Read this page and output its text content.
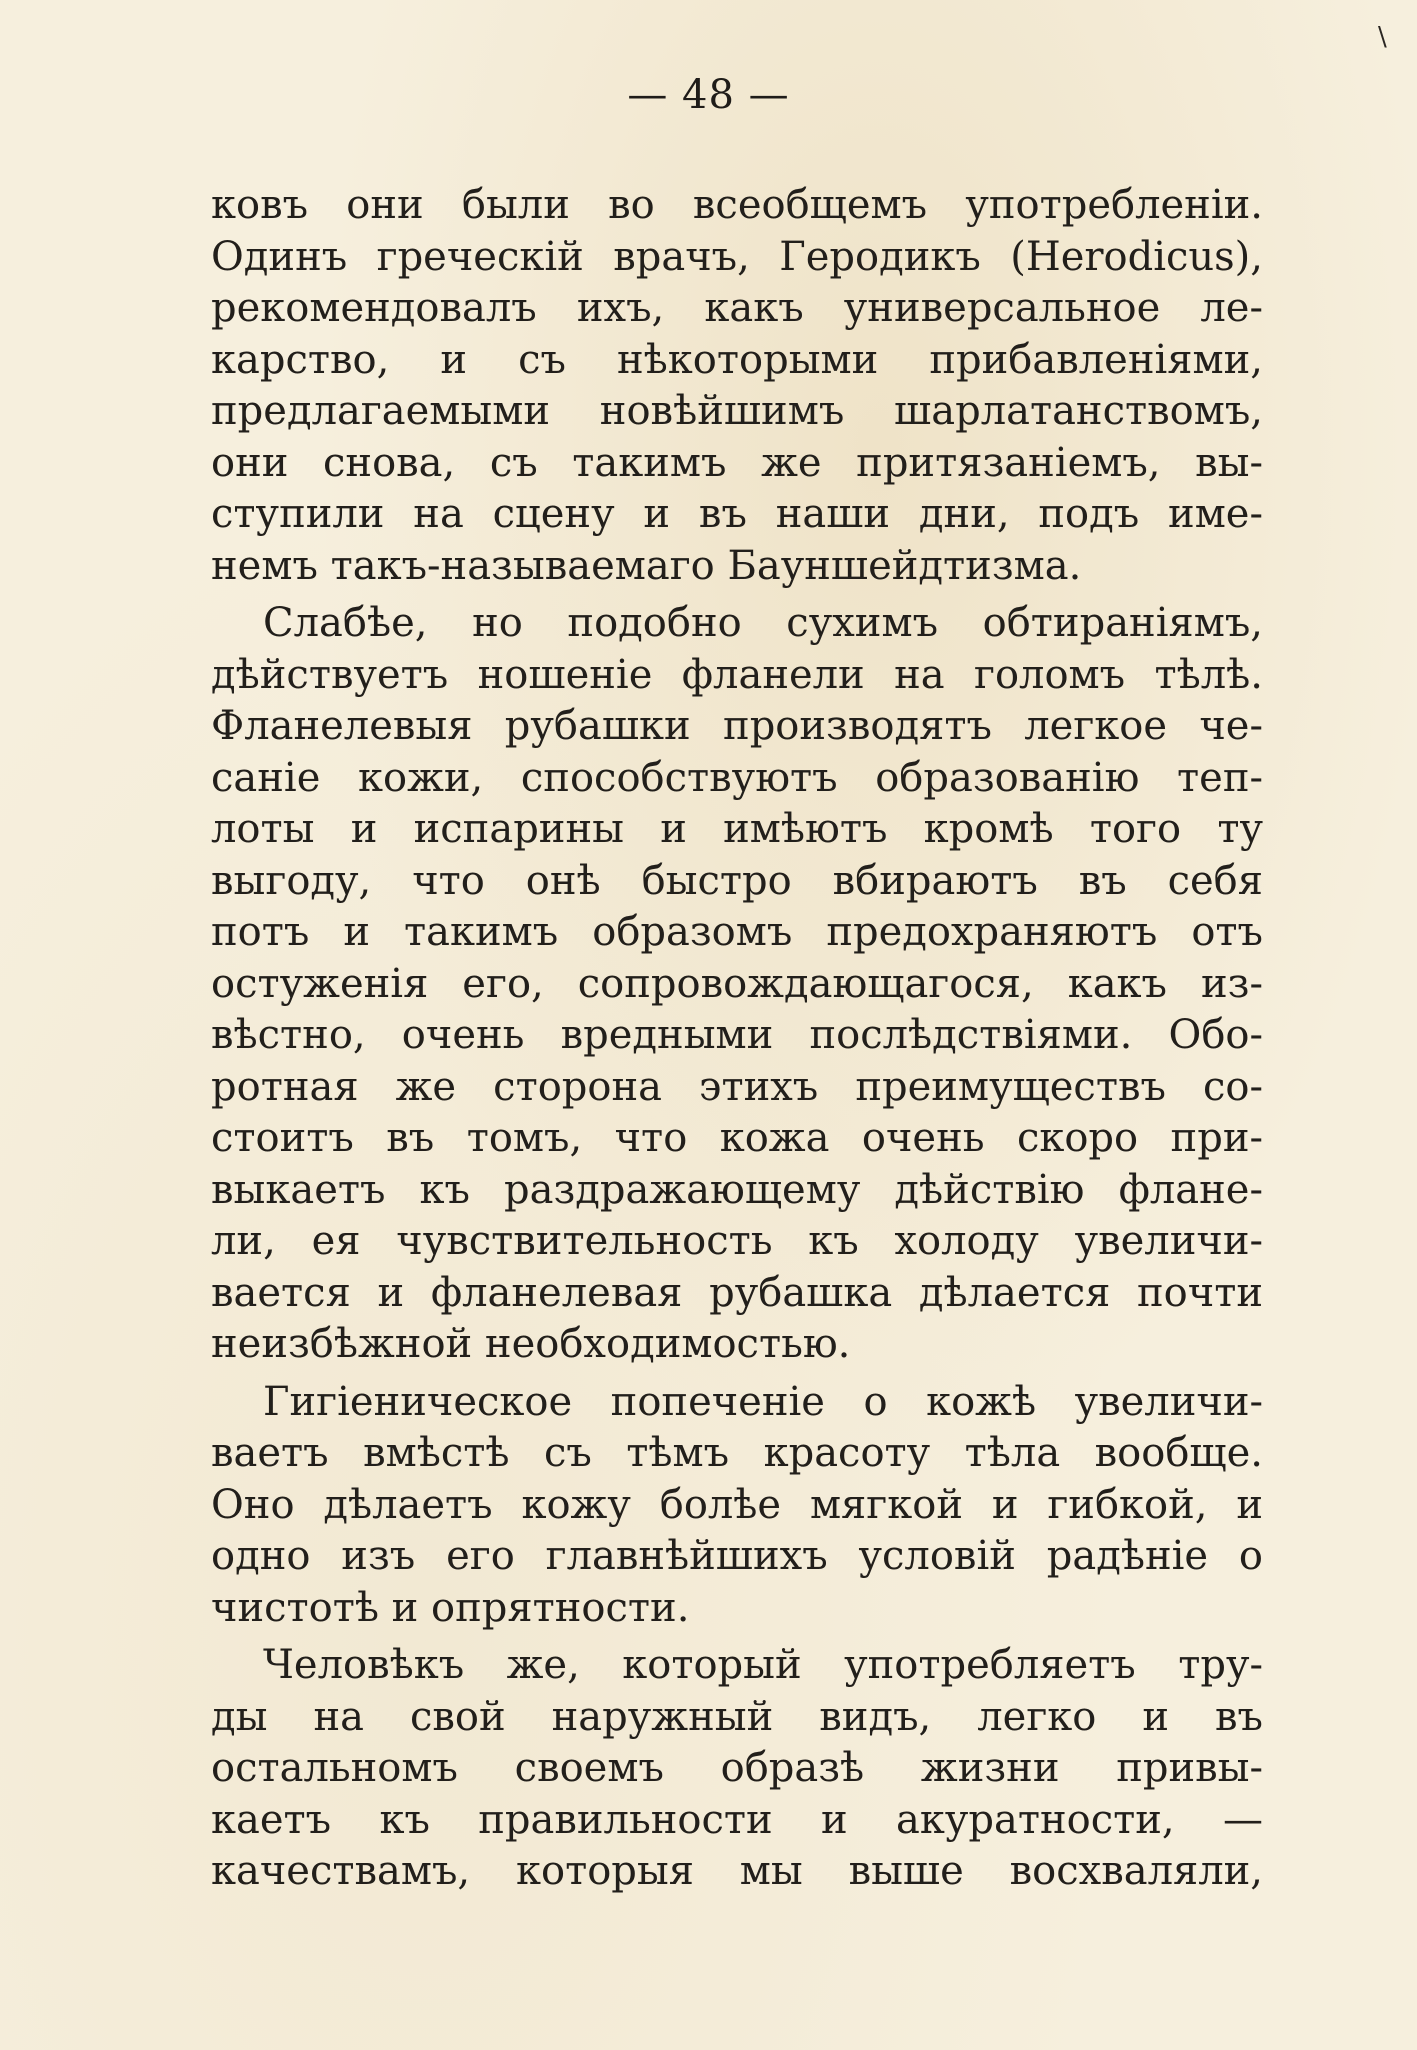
\
— 48 —
ковъ они были во всеобщемъ употребленіи.
Одинъ греческій врачъ, Геродикъ (Herodicus),
рекомендовалъ ихъ, какъ универсальное ле-
карство, и съ нѣкоторыми прибавленіями,
предлагаемыми новѣйшимъ шарлатанствомъ,
они снова, съ такимъ же притязаніемъ, вы-
ступили на сцену и въ наши дни, подъ име-
немъ такъ-называемаго Бауншейдтизма.
Слабѣе, но подобно сухимъ обтираніямъ,
дѣйствуетъ ношеніе фланели на голомъ тѣлѣ.
Фланелевыя рубашки производятъ легкое че-
саніе кожи, способствуютъ образованію теп-
лоты и испарины и имѣютъ кромѣ того ту
выгоду, что онѣ быстро вбираютъ въ себя
потъ и такимъ образомъ предохраняютъ отъ
остуженія его, сопровождающагося, какъ из-
вѣстно, очень вредными послѣдствіями. Обо-
ротная же сторона этихъ преимуществъ со-
стоитъ въ томъ, что кожа очень скоро при-
выкаетъ къ раздражающему дѣйствію флане-
ли, ея чувствительность къ холоду увеличи-
вается и фланелевая рубашка дѣлается почти
неизбѣжной необходимостью.
Гигіеническое попеченіе о кожѣ увеличи-
ваетъ вмѣстѣ съ тѣмъ красоту тѣла вообще.
Оно дѣлаетъ кожу болѣе мягкой и гибкой, и
одно изъ его главнѣйшихъ условій радѣніе о
чистотѣ и опрятности.
Человѣкъ же, который употребляетъ тру-
ды на свой наружный видъ, легко и въ
остальномъ своемъ образѣ жизни привы-
каетъ къ правильности и акуратности, —
качествамъ, которыя мы выше восхваляли,
